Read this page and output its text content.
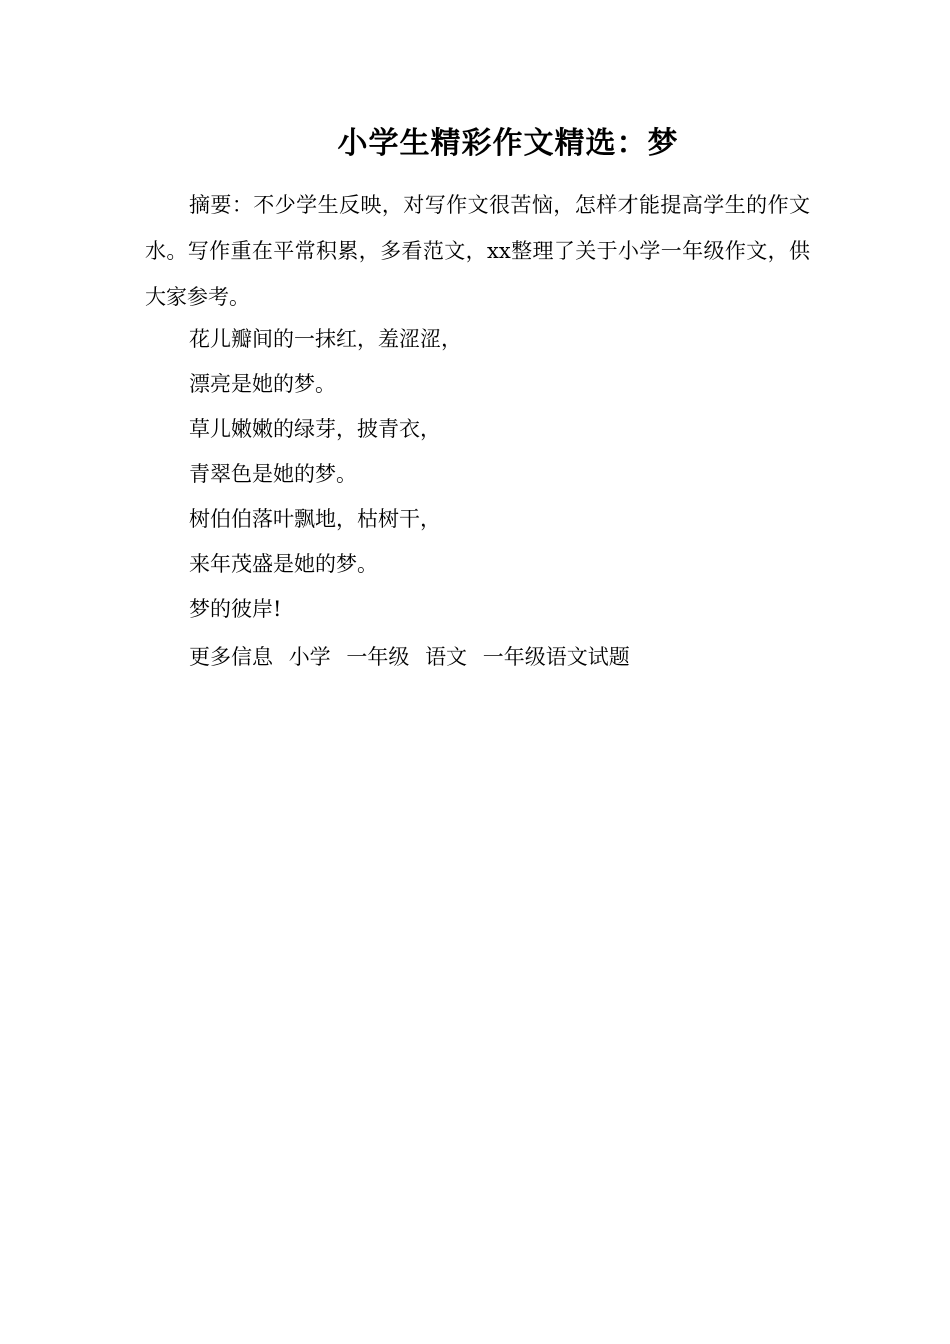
小学生精彩作文精选：梦
摘要：不少学生反映，对写作文很苦恼，怎样才能提高学生的作文水。写作重在平常积累，多看范文，xx整理了关于小学一年级作文，供大家参考。
花儿瓣间的一抹红，羞涩涩，
漂亮是她的梦。
草儿嫩嫩的绿芽，披青衣，
青翠色是她的梦。
树伯伯落叶飘地，枯树干，
来年茂盛是她的梦。
梦的彼岸!
更多信息 小学 一年级 语文 一年级语文试题
